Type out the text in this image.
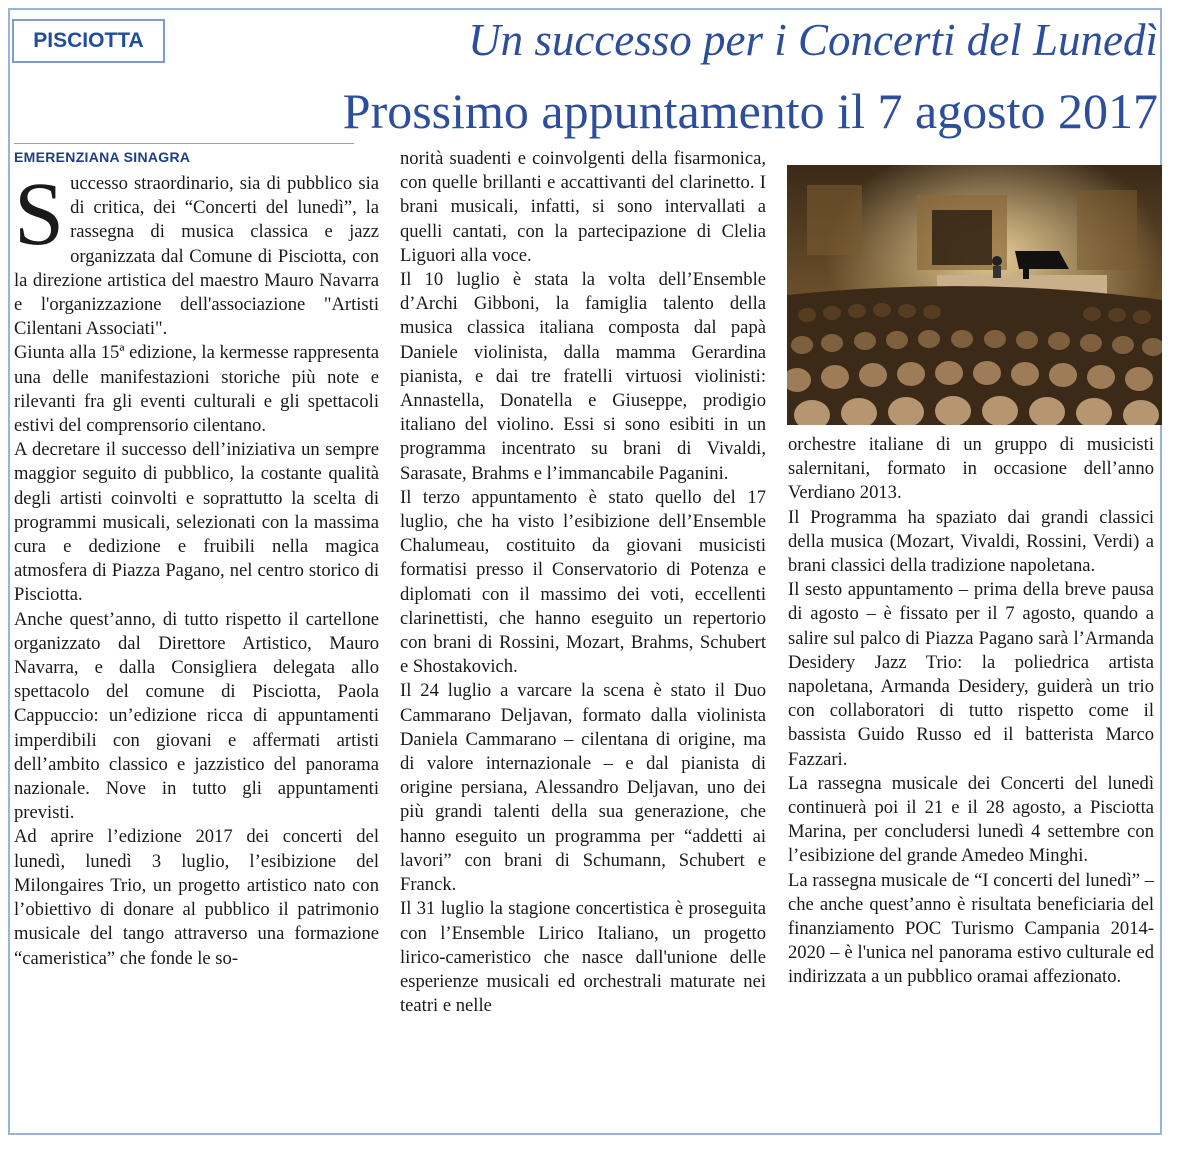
PISCIOTTA	Un successo per i Concerti del Lunedì
Prossimo appuntamento il 7 agosto 2017
EMERENZIANA SINAGRA

Successo straordinario, sia di pubblico sia di critica, dei “Concerti del lunedì”, la rassegna di musica classica e jazz organizzata dal Comune di Pisciotta, con la direzione artistica del maestro Mauro Navarra e l'organizzazione dell'associazione "Artisti Cilentani Associati".

Giunta alla 15ª edizione, la kermesse rappresenta una delle manifestazioni storiche più note e rilevanti fra gli eventi culturali e gli spettacoli estivi del comprensorio cilentano.

A decretare il successo dell’iniziativa un sempre maggior seguito di pubblico, la costante qualità degli artisti coinvolti e soprattutto la scelta di programmi musicali, selezionati con la massima cura e dedizione e fruibili nella magica atmosfera di Piazza Pagano, nel centro storico di Pisciotta.

Anche quest’anno, di tutto rispetto il cartellone organizzato dal Direttore Artistico, Mauro Navarra, e dalla Consigliera delegata allo spettacolo del comune di Pisciotta, Paola Cappuccio: un’edizione ricca di appuntamenti imperdibili con giovani e affermati artisti dell’ambito classico e jazzistico del panorama nazionale. Nove in tutto gli appuntamenti previsti.

Ad aprire l’edizione 2017 dei concerti del lunedì, lunedì 3 luglio, l’esibizione del Milongaires Trio, un progetto artistico nato con l’obiettivo di donare al pubblico il patrimonio musicale del tango attraverso una formazione “cameristica” che fonde le so-

norità suadenti e coinvolgenti della fisarmonica, con quelle brillanti e accattivanti del clarinetto. I brani musicali, infatti, si sono intervallati a quelli cantati, con la partecipazione di Clelia Liguori alla voce.

Il 10 luglio è stata la volta dell’Ensemble d’Archi Gibboni, la famiglia talento della musica classica italiana composta dal papà Daniele violinista, dalla mamma Gerardina pianista, e dai tre fratelli virtuosi violinisti: Annastella, Donatella e Giuseppe, prodigio italiano del violino. Essi si sono esibiti in un programma incentrato su brani di Vivaldi, Sarasate, Brahms e l’immancabile Paganini.

Il terzo appuntamento è stato quello del 17 luglio, che ha visto l’esibizione dell’Ensemble Chalumeau, costituito da giovani musicisti formatisi presso il Conservatorio di Potenza e diplomati con il massimo dei voti, eccellenti clarinettisti, che hanno eseguito un repertorio con brani di Rossini, Mozart, Brahms, Schubert e Shostakovich.

Il 24 luglio a varcare la scena è stato il Duo Cammarano Deljavan, formato dalla violinista Daniela Cammarano – cilentana di origine, ma di valore internazionale – e dal pianista di origine persiana, Alessandro Deljavan, uno dei più grandi talenti della sua generazione, che hanno eseguito un programma per “addetti ai lavori” con brani di Schumann, Schubert e Franck.

Il 31 luglio la stagione concertistica è proseguita con l’Ensemble Lirico Italiano, un progetto lirico-cameristico che nasce dall'unione delle esperienze musicali ed orchestrali maturate nei teatri e nelle

orchestre italiane di un gruppo di musicisti salernitani, formato in occasione dell’anno Verdiano 2013.

Il Programma ha spaziato dai grandi classici della musica (Mozart, Vivaldi, Rossini, Verdi) a brani classici della tradizione napoletana.

Il sesto appuntamento – prima della breve pausa di agosto – è fissato per il 7 agosto, quando a salire sul palco di Piazza Pagano sarà l’Armanda Desidery Jazz Trio: la poliedrica artista napoletana, Armanda Desidery, guiderà un trio con collaboratori di tutto rispetto come il bassista Guido Russo ed il batterista Marco Fazzari.

La rassegna musicale dei Concerti del lunedì continuerà poi il 21 e il 28 agosto, a Pisciotta Marina, per concludersi lunedì 4 settembre con l’esibizione del grande Amedeo Minghi.

La rassegna musicale de “I concerti del lunedì” – che anche quest’anno è risultata beneficiaria del finanziamento POC Turismo Campania 2014-2020 – è l'unica nel panorama estivo culturale ed indirizzata a un pubblico oramai affezionato.
